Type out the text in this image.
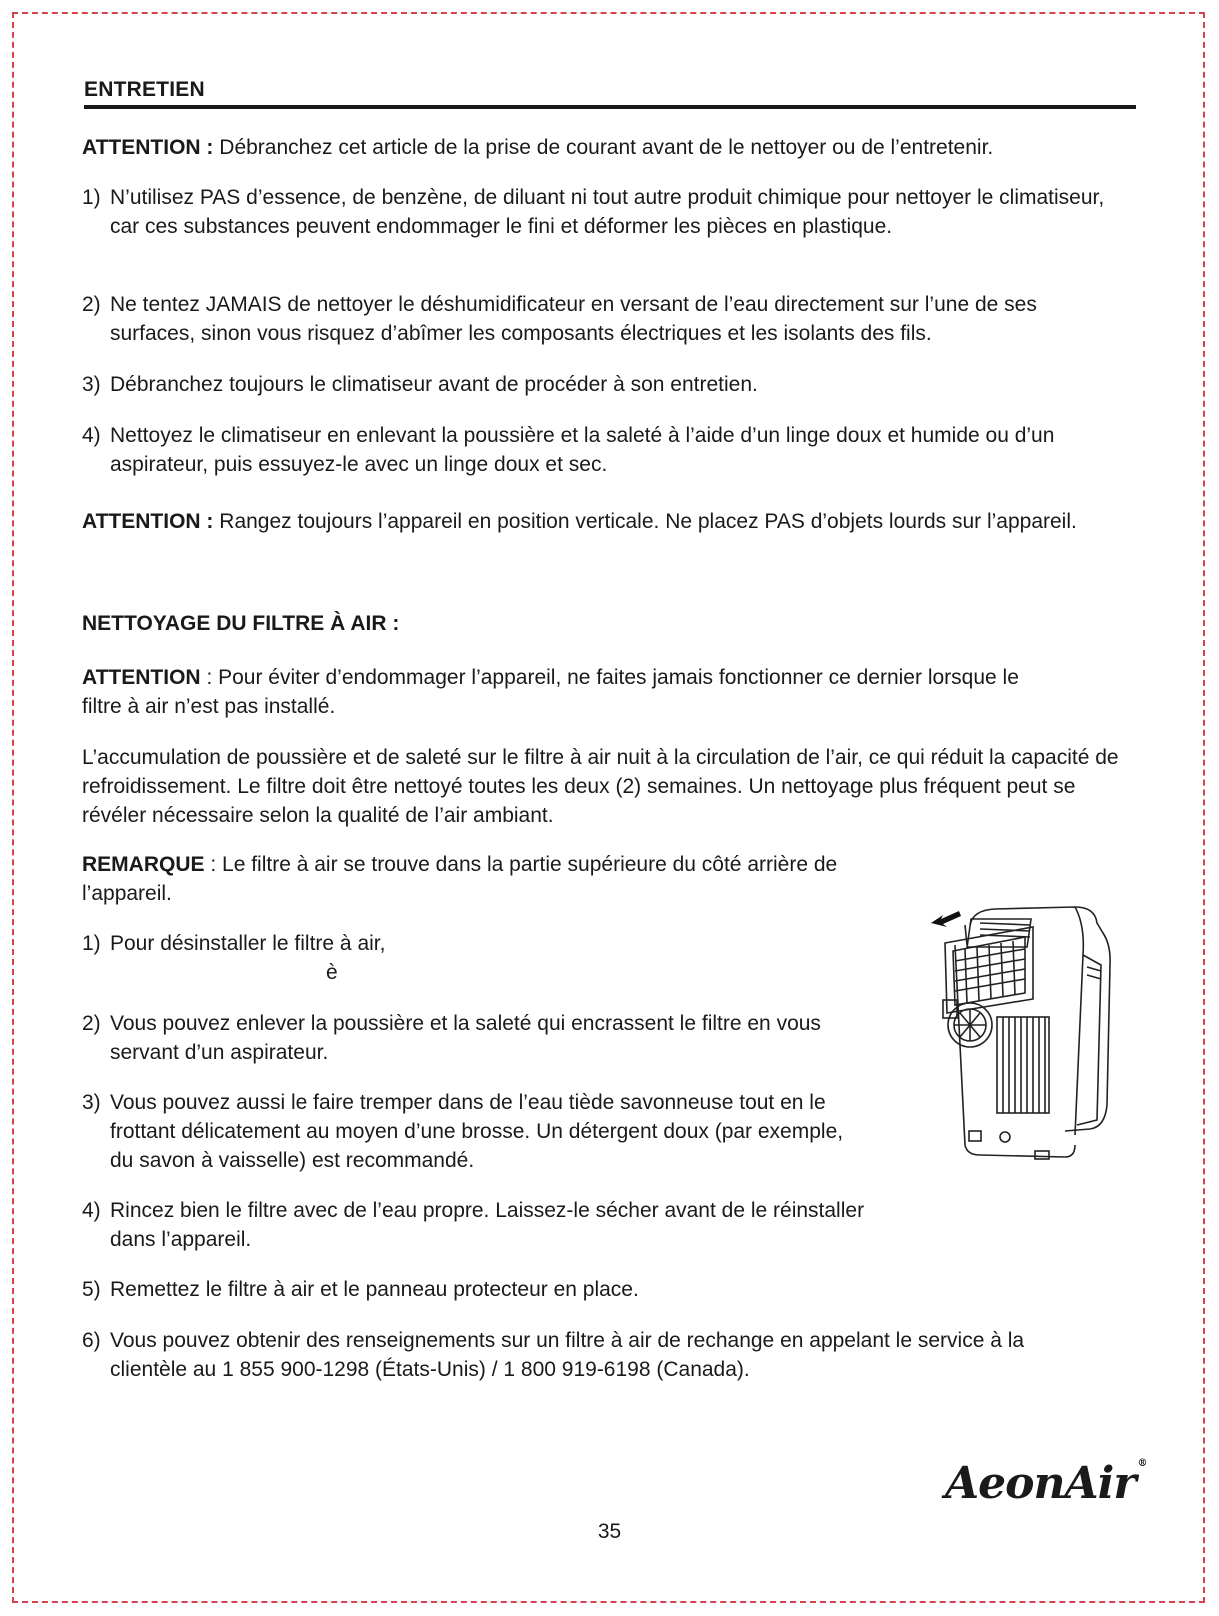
ENTRETIEN

ATTENTION : Débranchez cet article de la prise de courant avant de le nettoyer ou de l’entretenir.

1) N’utilisez PAS d’essence, de benzène, de diluant ni tout autre produit chimique pour nettoyer le climatiseur, car ces substances peuvent endommager le fini et déformer les pièces en plastique.
2) Ne tentez JAMAIS de nettoyer le déshumidificateur en versant de l’eau directement sur l’une de ses surfaces, sinon vous risquez d’abîmer les composants électriques et les isolants des fils.
3) Débranchez toujours le climatiseur avant de procéder à son entretien.
4) Nettoyez le climatiseur en enlevant la poussière et la saleté à l’aide d’un linge doux et humide ou d’un aspirateur, puis essuyez-le avec un linge doux et sec.

ATTENTION : Rangez toujours l’appareil en position verticale. Ne placez PAS d’objets lourds sur l’appareil.

NETTOYAGE DU FILTRE À AIR :

ATTENTION : Pour éviter d’endommager l’appareil, ne faites jamais fonctionner ce dernier lorsque le filtre à air n’est pas installé.

L’accumulation de poussière et de saleté sur le filtre à air nuit à la circulation de l’air, ce qui réduit la capacité de refroidissement. Le filtre doit être nettoyé toutes les deux (2) semaines. Un nettoyage plus fréquent peut se révéler nécessaire selon la qualité de l’air ambiant.

REMARQUE : Le filtre à air se trouve dans la partie supérieure du côté arrière de l’appareil.

1) Pour désinstaller le filtre à air,
è
2) Vous pouvez enlever la poussière et la saleté qui encrassent le filtre en vous servant d’un aspirateur.
3) Vous pouvez aussi le faire tremper dans de l’eau tiède savonneuse tout en le frottant délicatement au moyen d’une brosse. Un détergent doux (par exemple, du savon à vaisselle) est recommandé.
4) Rincez bien le filtre avec de l’eau propre. Laissez-le sécher avant de le réinstaller dans l’appareil.
5) Remettez le filtre à air et le panneau protecteur en place.
6) Vous pouvez obtenir des renseignements sur un filtre à air de rechange en appelant le service à la clientèle au 1 855 900-1298 (États-Unis) / 1 800 919-6198 (Canada).
AeonAir ®
35
